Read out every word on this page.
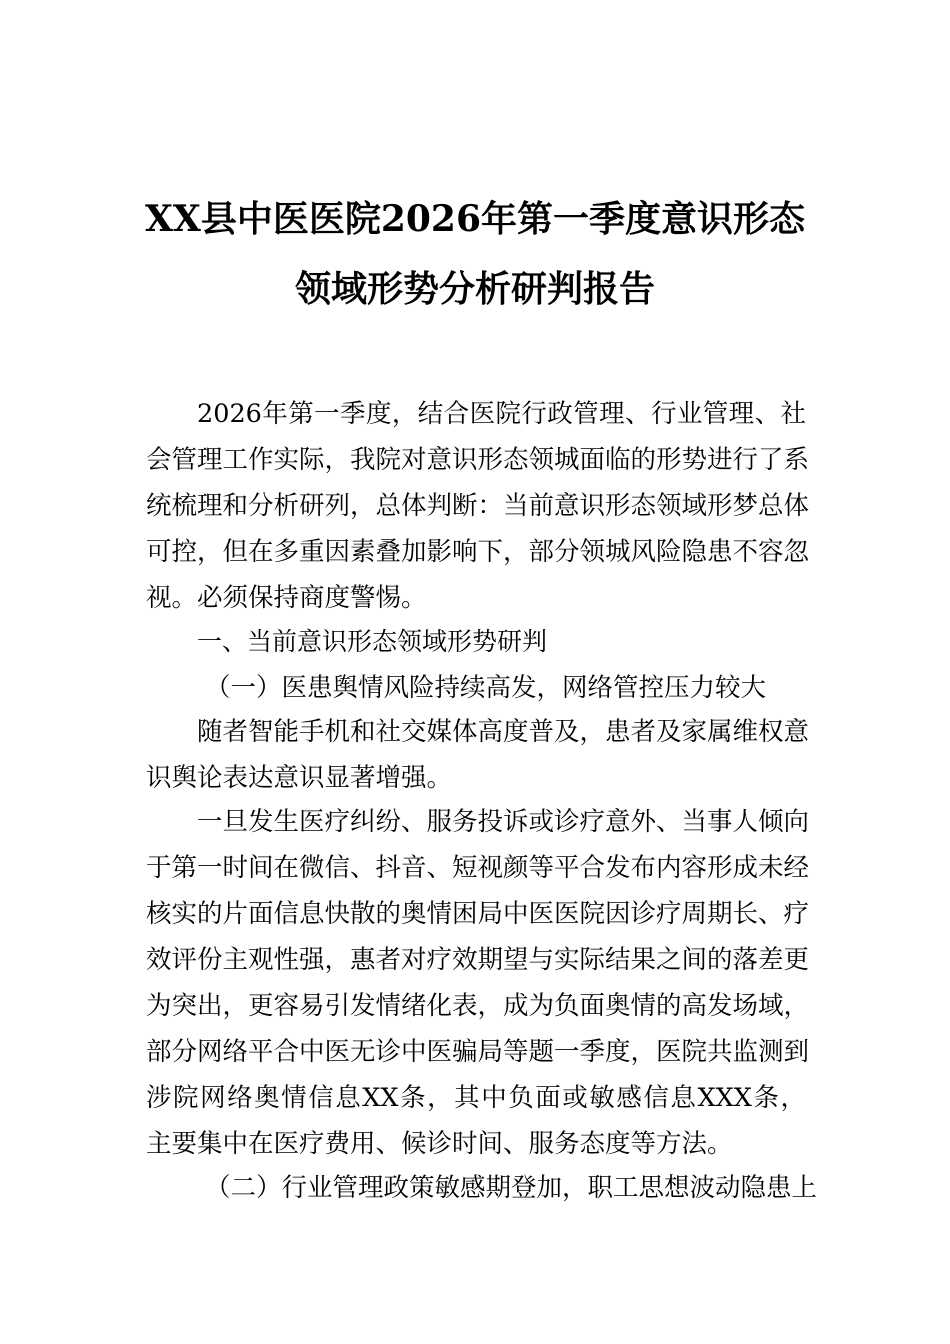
XX县中医医院2026年第一季度意识形态
领域形势分析研判报告
2026年第一季度，结合医院行政管理、行业管理、社
会管理工作实际，我院对意识形态领城面临的形势进行了系
统梳理和分析研列，总体判断：当前意识形态领域形梦总体
可控，但在多重因素叠加影响下，部分领城风险隐患不容忽
视。必须保持商度警惕。
一、当前意识形态领域形势研判
（一）医患舆情风险持续高发，网络管控压力较大
随者智能手机和社交媒体高度普及，患者及家属维权意
识舆论表达意识显著增强。
一旦发生医疗纠纷、服务投诉或诊疗意外、当事人倾向
于第一时间在微信、抖音、短视颜等平合发布内容形成未经
核实的片面信息快散的奥情困局中医医院因诊疗周期长、疗
效评份主观性强，惠者对疗效期望与实际结果之间的落差更
为突出，更容易引发情绪化表，成为负面奥情的高发场域，
部分网络平合中医无诊中医骗局等题一季度，医院共监测到
涉院网络奥情信息XX条，其中负面或敏感信息XXX条，
主要集中在医疗费用、候诊时间、服务态度等方法。
（二）行业管理政策敏感期登加，职工思想波动隐患上
